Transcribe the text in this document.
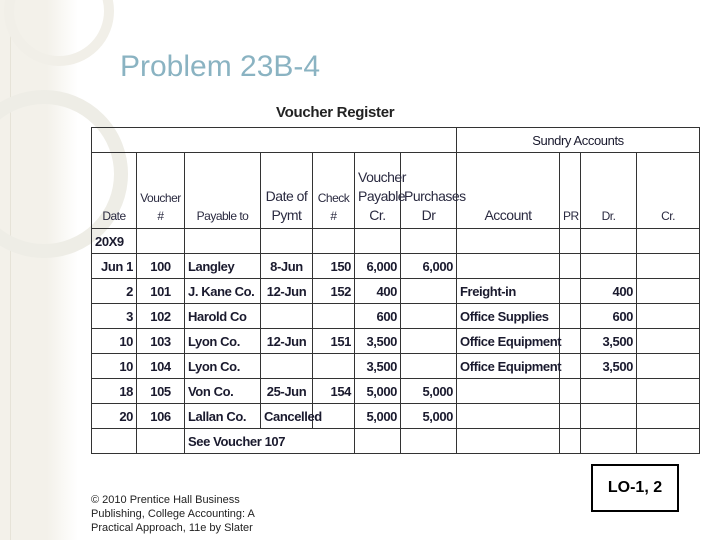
Problem 23B-4
Voucher Register
							Sundry Accounts			
Date	Voucher #	Payable to	Date of Pymt	Check #	Voucher Payable Cr.	Purchases Dr	Account	PR	Dr.	Cr.
20X9										
Jun 1	100	Langley	8-Jun	150	6,000	6,000				
2	101	J. Kane Co.	12-Jun	152	400		Freight-in		400	
3	102	Harold Co			600		Office Supplies		600	
10	103	Lyon Co.	12-Jun	151	3,500		Office Equipment		3,500	
10	104	Lyon Co.			3,500		Office Equipment		3,500	
18	105	Von Co.	25-Jun	154	5,000	5,000				
20	106	Lallan Co.	Cancelled		5,000	5,000				
		See Voucher 107								
© 2010 Prentice Hall Business
Publishing, College Accounting: A
Practical Approach, 11e by Slater
LO-1, 2
